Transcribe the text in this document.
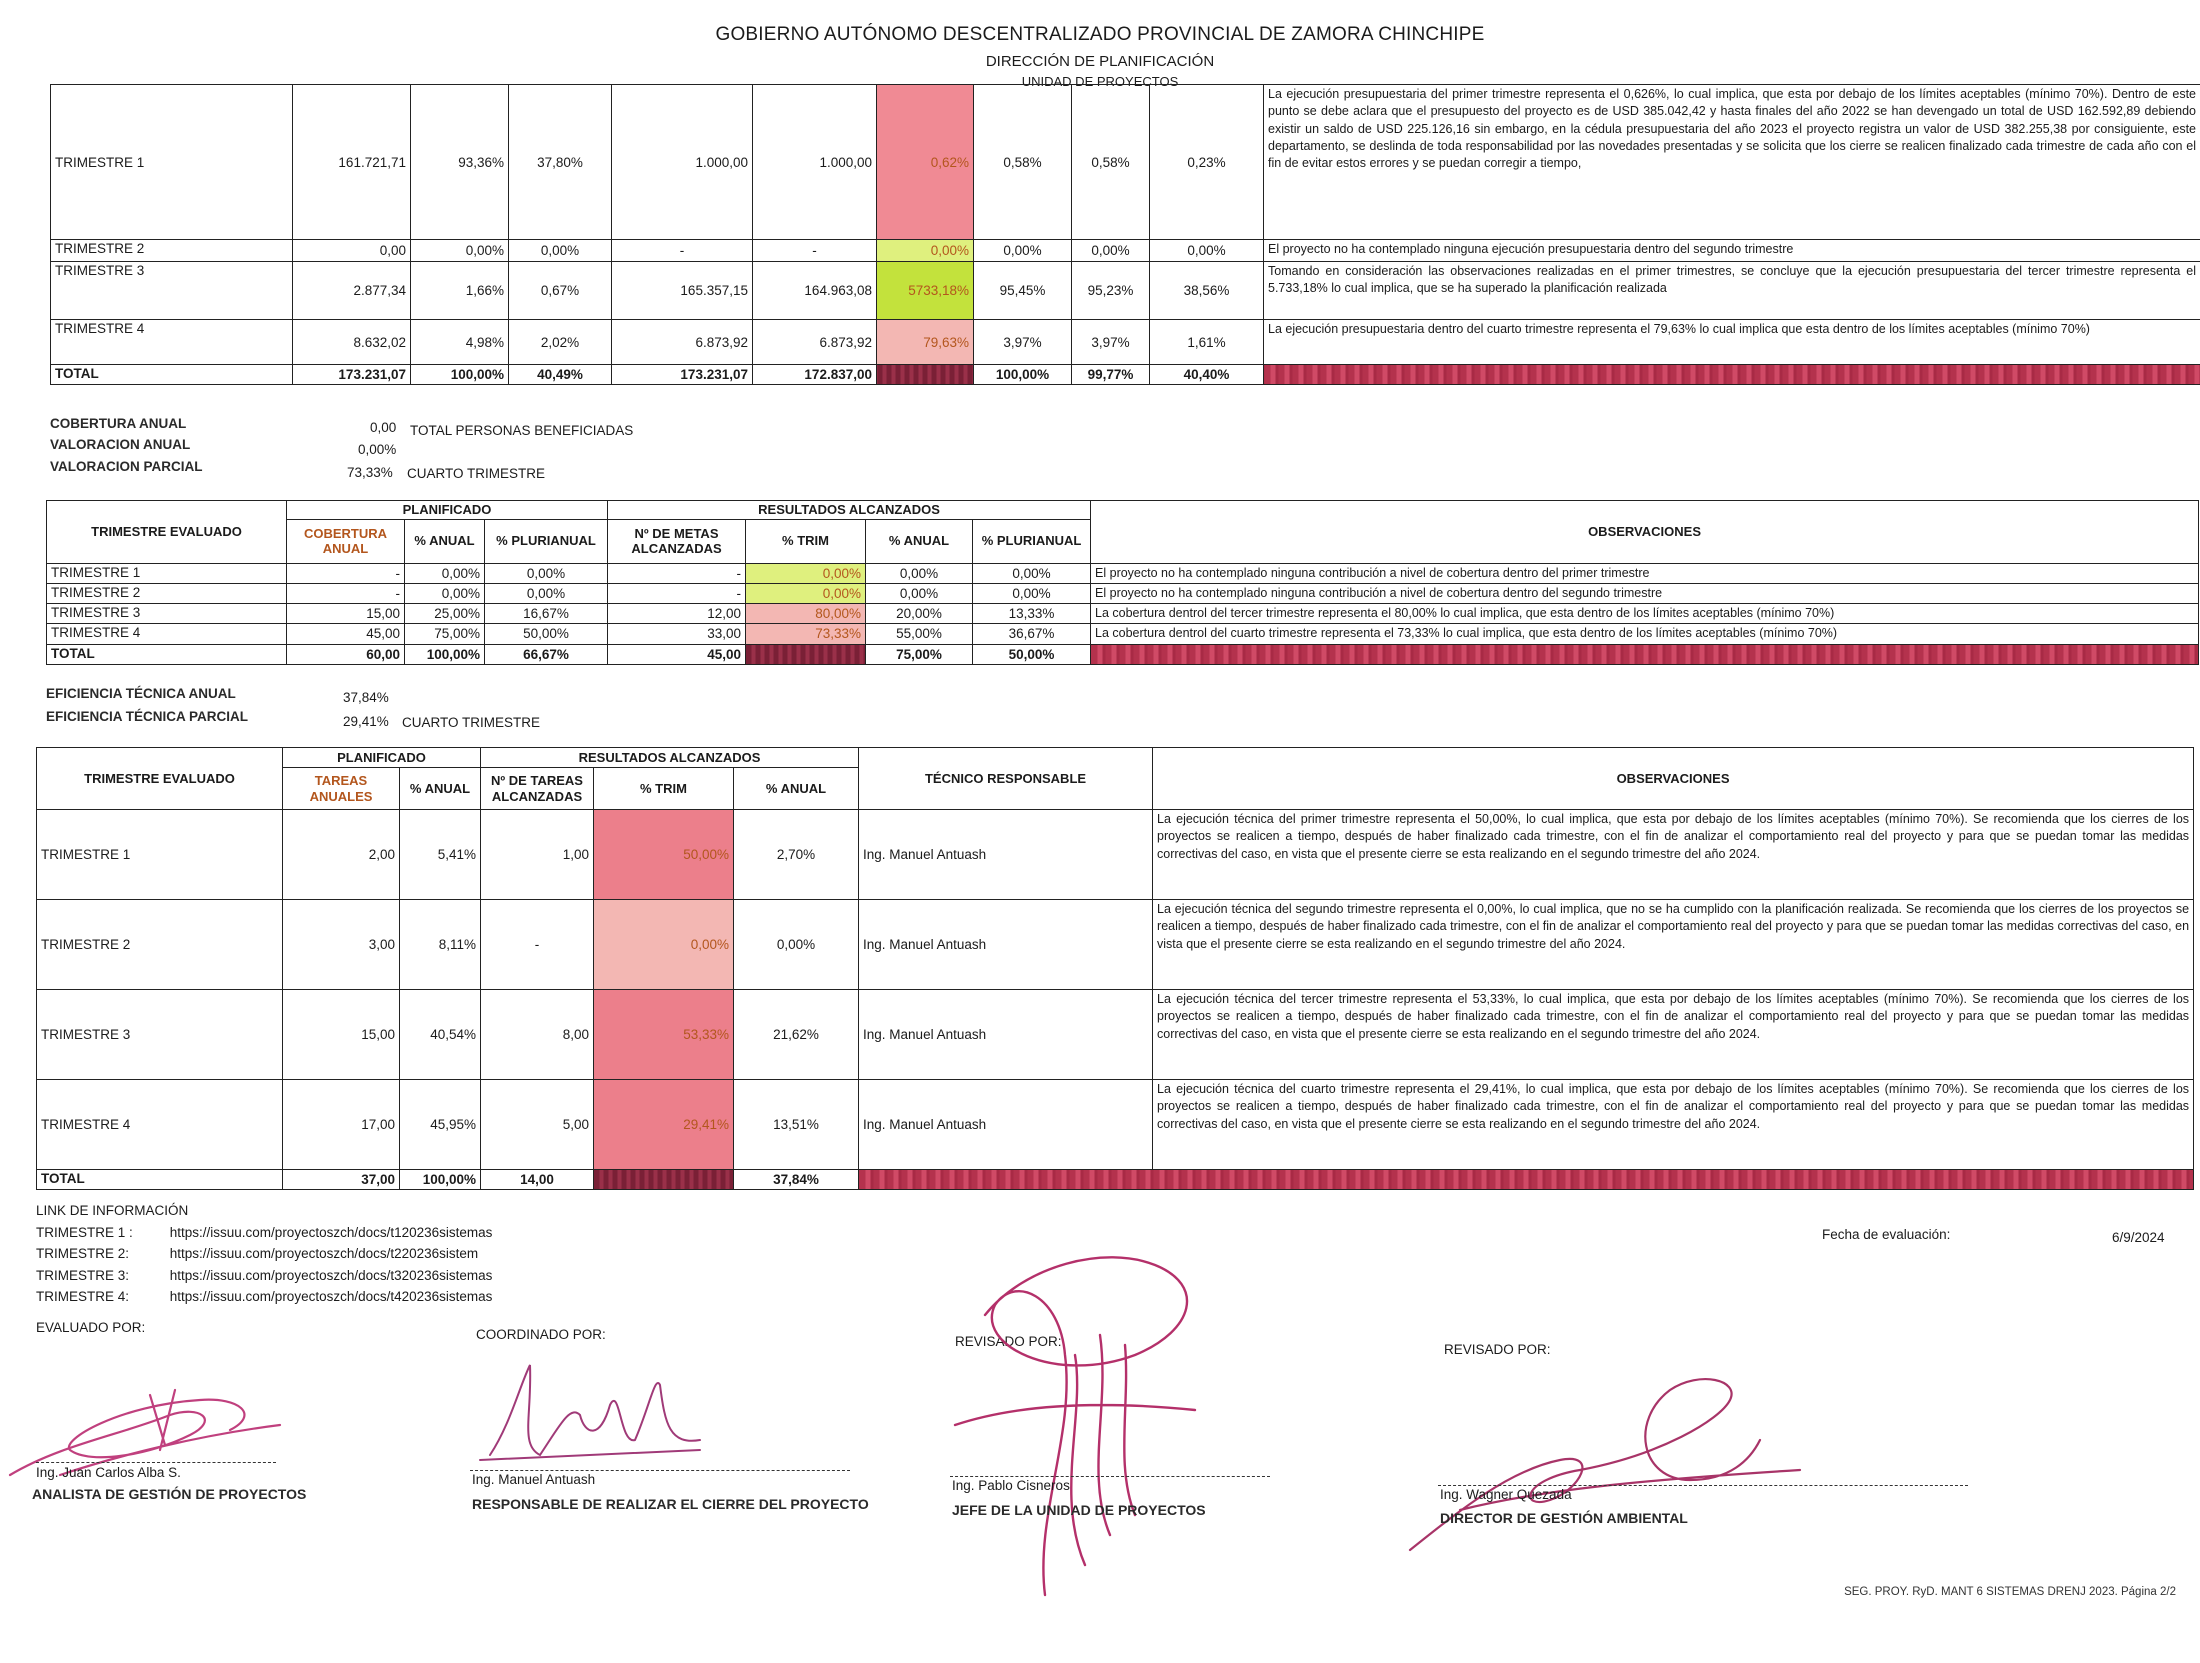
GOBIERNO AUTÓNOMO DESCENTRALIZADO PROVINCIAL DE ZAMORA CHINCHIPE
DIRECCIÓN DE PLANIFICACIÓN
UNIDAD DE PROYECTOS
TRIMESTRE 1	161.721,71	93,36%	37,80%	1.000,00	1.000,00	0,62%	0,58%	0,58%	0,23%	La ejecución presupuestaria del primer trimestre representa el 0,626%, lo cual implica, que esta por debajo de los límites aceptables (mínimo 70%). Dentro de este punto se debe aclara que el presupuesto del proyecto es de USD 385.042,42 y hasta finales del año 2022 se han devengado un total de USD 162.592,89 debiendo existir un saldo de USD 225.126,16 sin embargo, en la cédula presupuestaria del año 2023 el proyecto registra un valor de USD 382.255,38 por consiguiente, este departamento, se deslinda de toda responsabilidad por las novedades presentadas y se solicita que los cierre se realicen finalizado cada trimestre de cada año con el fin de evitar estos errores y se puedan corregir a tiempo,
TRIMESTRE 2	0,00	0,00%	0,00%	-	-	0,00%	0,00%	0,00%	0,00%	El proyecto no ha contemplado ninguna ejecución presupuestaria dentro del segundo trimestre
TRIMESTRE 3	2.877,34	1,66%	0,67%	165.357,15	164.963,08	5733,18%	95,45%	95,23%	38,56%	Tomando en consideración las observaciones realizadas en el primer trimestres, se concluye que la ejecución presupuestaria del tercer trimestre representa el 5.733,18% lo cual implica, que se ha superado la planificación realizada
TRIMESTRE 4	8.632,02	4,98%	2,02%	6.873,92	6.873,92	79,63%	3,97%	3,97%	1,61%	La ejecución presupuestaria dentro del cuarto trimestre representa el 79,63% lo cual implica que esta dentro de los límites aceptables (mínimo 70%)
TOTAL	173.231,07	100,00%	40,49%	173.231,07	172.837,00		100,00%	99,77%	40,40%	
COBERTURA ANUAL	0,00 TOTAL PERSONAS BENEFICIADAS
VALORACION ANUAL	0,00%
VALORACION PARCIAL	73,33% CUARTO TRIMESTRE
TRIMESTRE EVALUADO	PLANIFICADO			RESULTADOS ALCANZADOS				OBSERVACIONES
	COBERTURA ANUAL	% ANUAL	% PLURIANUAL	Nº DE METAS ALCANZADAS	% TRIM	% ANUAL	% PLURIANUAL	
TRIMESTRE 1	-	0,00%	0,00%	-	0,00%	0,00%	0,00%	El proyecto no ha contemplado ninguna contribución a nivel de cobertura dentro del primer trimestre
TRIMESTRE 2	-	0,00%	0,00%	-	0,00%	0,00%	0,00%	El proyecto no ha contemplado ninguna contribución a nivel de cobertura dentro del segundo trimestre
TRIMESTRE 3	15,00	25,00%	16,67%	12,00	80,00%	20,00%	13,33%	La cobertura dentrol del tercer trimestre representa el 80,00% lo cual implica, que esta dentro de los límites aceptables (mínimo 70%)
TRIMESTRE 4	45,00	75,00%	50,00%	33,00	73,33%	55,00%	36,67%	La cobertura dentrol del cuarto trimestre representa el 73,33% lo cual implica, que esta dentro de los límites aceptables (mínimo 70%)
TOTAL	60,00	100,00%	66,67%	45,00		75,00%	50,00%	
EFICIENCIA TÉCNICA ANUAL	37,84%
EFICIENCIA TÉCNICA PARCIAL	29,41% CUARTO TRIMESTRE
TRIMESTRE EVALUADO	PLANIFICADO		RESULTADOS ALCANZADOS			TÉCNICO RESPONSABLE	OBSERVACIONES
	TAREAS ANUALES	% ANUAL	Nº DE TAREAS ALCANZADAS	% TRIM	% ANUAL		
TRIMESTRE 1	2,00	5,41%	1,00	50,00%	2,70%	Ing. Manuel Antuash	La ejecución técnica del primer trimestre representa el 50,00%, lo cual implica, que esta por debajo de los límites aceptables (mínimo 70%). Se recomienda que los cierres de los proyectos se realicen a tiempo, después de haber finalizado cada trimestre, con el fin de analizar el comportamiento real del proyecto y para que se puedan tomar las medidas correctivas del caso, en vista que el presente cierre se esta realizando en el segundo trimestre del año 2024.
TRIMESTRE 2	3,00	8,11%	-	0,00%	0,00%	Ing. Manuel Antuash	La ejecución técnica del segundo trimestre representa el 0,00%, lo cual implica, que no se ha cumplido con la planificación realizada. Se recomienda que los cierres de los proyectos se realicen a tiempo, después de haber finalizado cada trimestre, con el fin de analizar el comportamiento real del proyecto y para que se puedan tomar las medidas correctivas del caso, en vista que el presente cierre se esta realizando en el segundo trimestre del año 2024.
TRIMESTRE 3	15,00	40,54%	8,00	53,33%	21,62%	Ing. Manuel Antuash	La ejecución técnica del tercer trimestre representa el 53,33%, lo cual implica, que esta por debajo de los límites aceptables (mínimo 70%). Se recomienda que los cierres de los proyectos se realicen a tiempo, después de haber finalizado cada trimestre, con el fin de analizar el comportamiento real del proyecto y para que se puedan tomar las medidas correctivas del caso, en vista que el presente cierre se esta realizando en el segundo trimestre del año 2024.
TRIMESTRE 4	17,00	45,95%	5,00	29,41%	13,51%	Ing. Manuel Antuash	La ejecución técnica del cuarto trimestre representa el 29,41%, lo cual implica, que esta por debajo de los límites aceptables (mínimo 70%). Se recomienda que los cierres de los proyectos se realicen a tiempo, después de haber finalizado cada trimestre, con el fin de analizar el comportamiento real del proyecto y para que se puedan tomar las medidas correctivas del caso, en vista que el presente cierre se esta realizando en el segundo trimestre del año 2024.
TOTAL	37,00	100,00%	14,00		37,84%		
LINK DE INFORMACIÓN
TRIMESTRE 1 :	https://issuu.com/proyectoszch/docs/t120236sistemas
TRIMESTRE 2:	https://issuu.com/proyectoszch/docs/t220236sistem
TRIMESTRE 3:	https://issuu.com/proyectoszch/docs/t320236sistemas
TRIMESTRE 4:	https://issuu.com/proyectoszch/docs/t420236sistemas
Fecha de evaluación:	6/9/2024
EVALUADO POR:	COORDINADO POR:	REVISADO POR:
REVISADO POR:
Ing. Juan Carlos Alba S.
ANALISTA DE GESTIÓN DE PROYECTOS
Ing. Manuel Antuash
RESPONSABLE DE REALIZAR EL CIERRE DEL PROYECTO
Ing. Pablo Cisneros
JEFE DE LA UNIDAD DE PROYECTOS
Ing. Wagner Quezada
DIRECTOR DE GESTIÓN AMBIENTAL
SEG. PROY. RyD. MANT 6 SISTEMAS DRENJ 2023. Página 2/2
